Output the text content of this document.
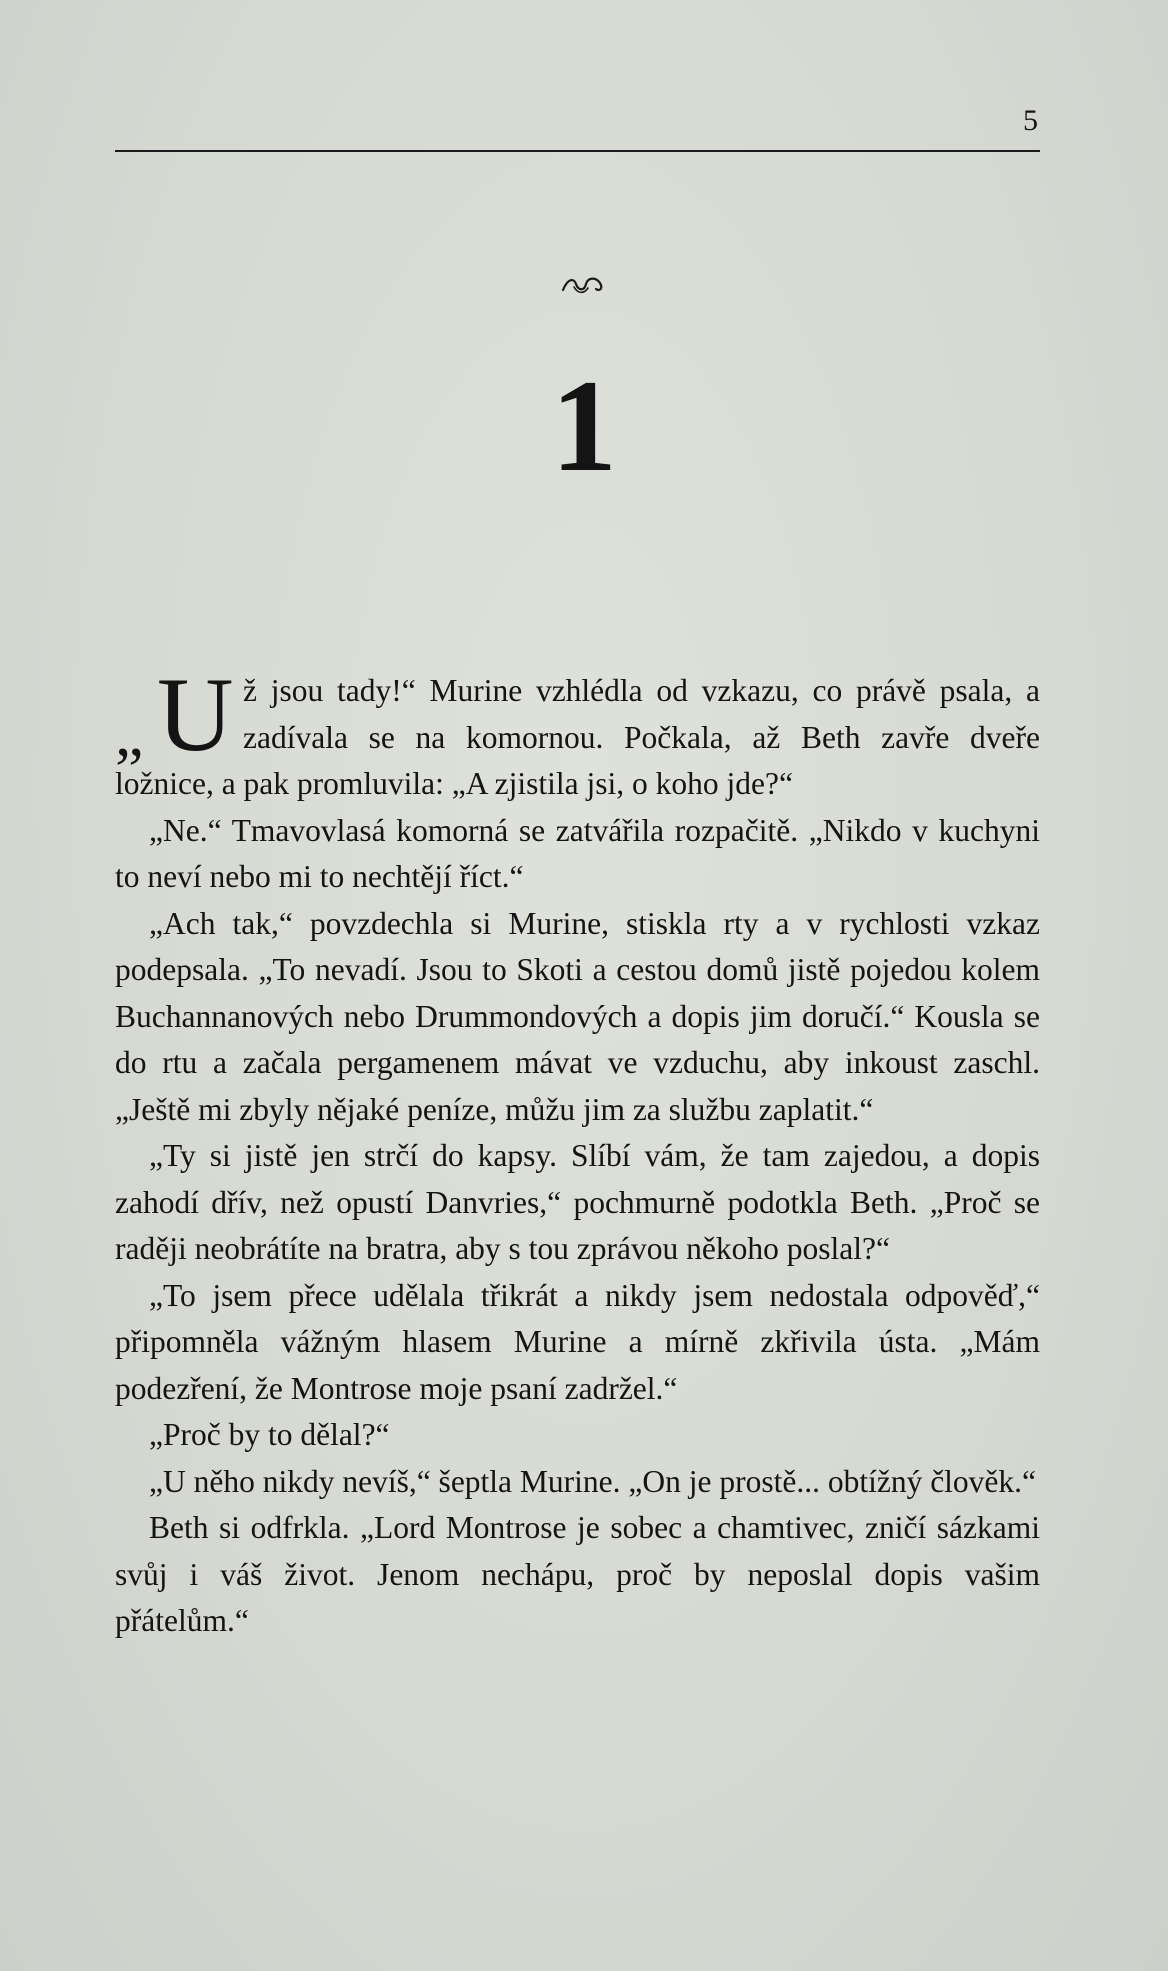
5
1

„ U ž jsou tady!“ Murine vzhlédla od vzkazu, co právě psala, a zadívala se na komornou. Počkala, až Beth zavře dveře ložnice, a pak promluvila: „A zjistila jsi, o koho jde?“

„Ne.“ Tmavovlasá komorná se zatvářila rozpačitě. „Nikdo v kuchyni to neví nebo mi to nechtějí říct.“

„Ach tak,“ povzdechla si Murine, stiskla rty a v rychlosti vzkaz podepsala. „To nevadí. Jsou to Skoti a cestou domů jistě pojedou kolem Buchannanových nebo Drummondových a dopis jim doručí.“ Kousla se do rtu a začala pergamenem mávat ve vzduchu, aby inkoust zaschl. „Ještě mi zbyly nějaké peníze, můžu jim za službu zaplatit.“

„Ty si jistě jen strčí do kapsy. Slíbí vám, že tam zajedou, a dopis zahodí dřív, než opustí Danvries,“ pochmurně podotkla Beth. „Proč se raději neobrátíte na bratra, aby s tou zprávou někoho poslal?“

„To jsem přece udělala třikrát a nikdy jsem nedostala odpověď,“ připomněla vážným hlasem Murine a mírně zkřivila ústa. „Mám podezření, že Montrose moje psaní zadržel.“

„Proč by to dělal?“

„U něho nikdy nevíš,“ šeptla Murine. „On je prostě... obtížný člověk.“

Beth si odfrkla. „Lord Montrose je sobec a chamtivec, zničí sázkami svůj i váš život. Jenom nechápu, proč by neposlal dopis vašim přátelům.“
